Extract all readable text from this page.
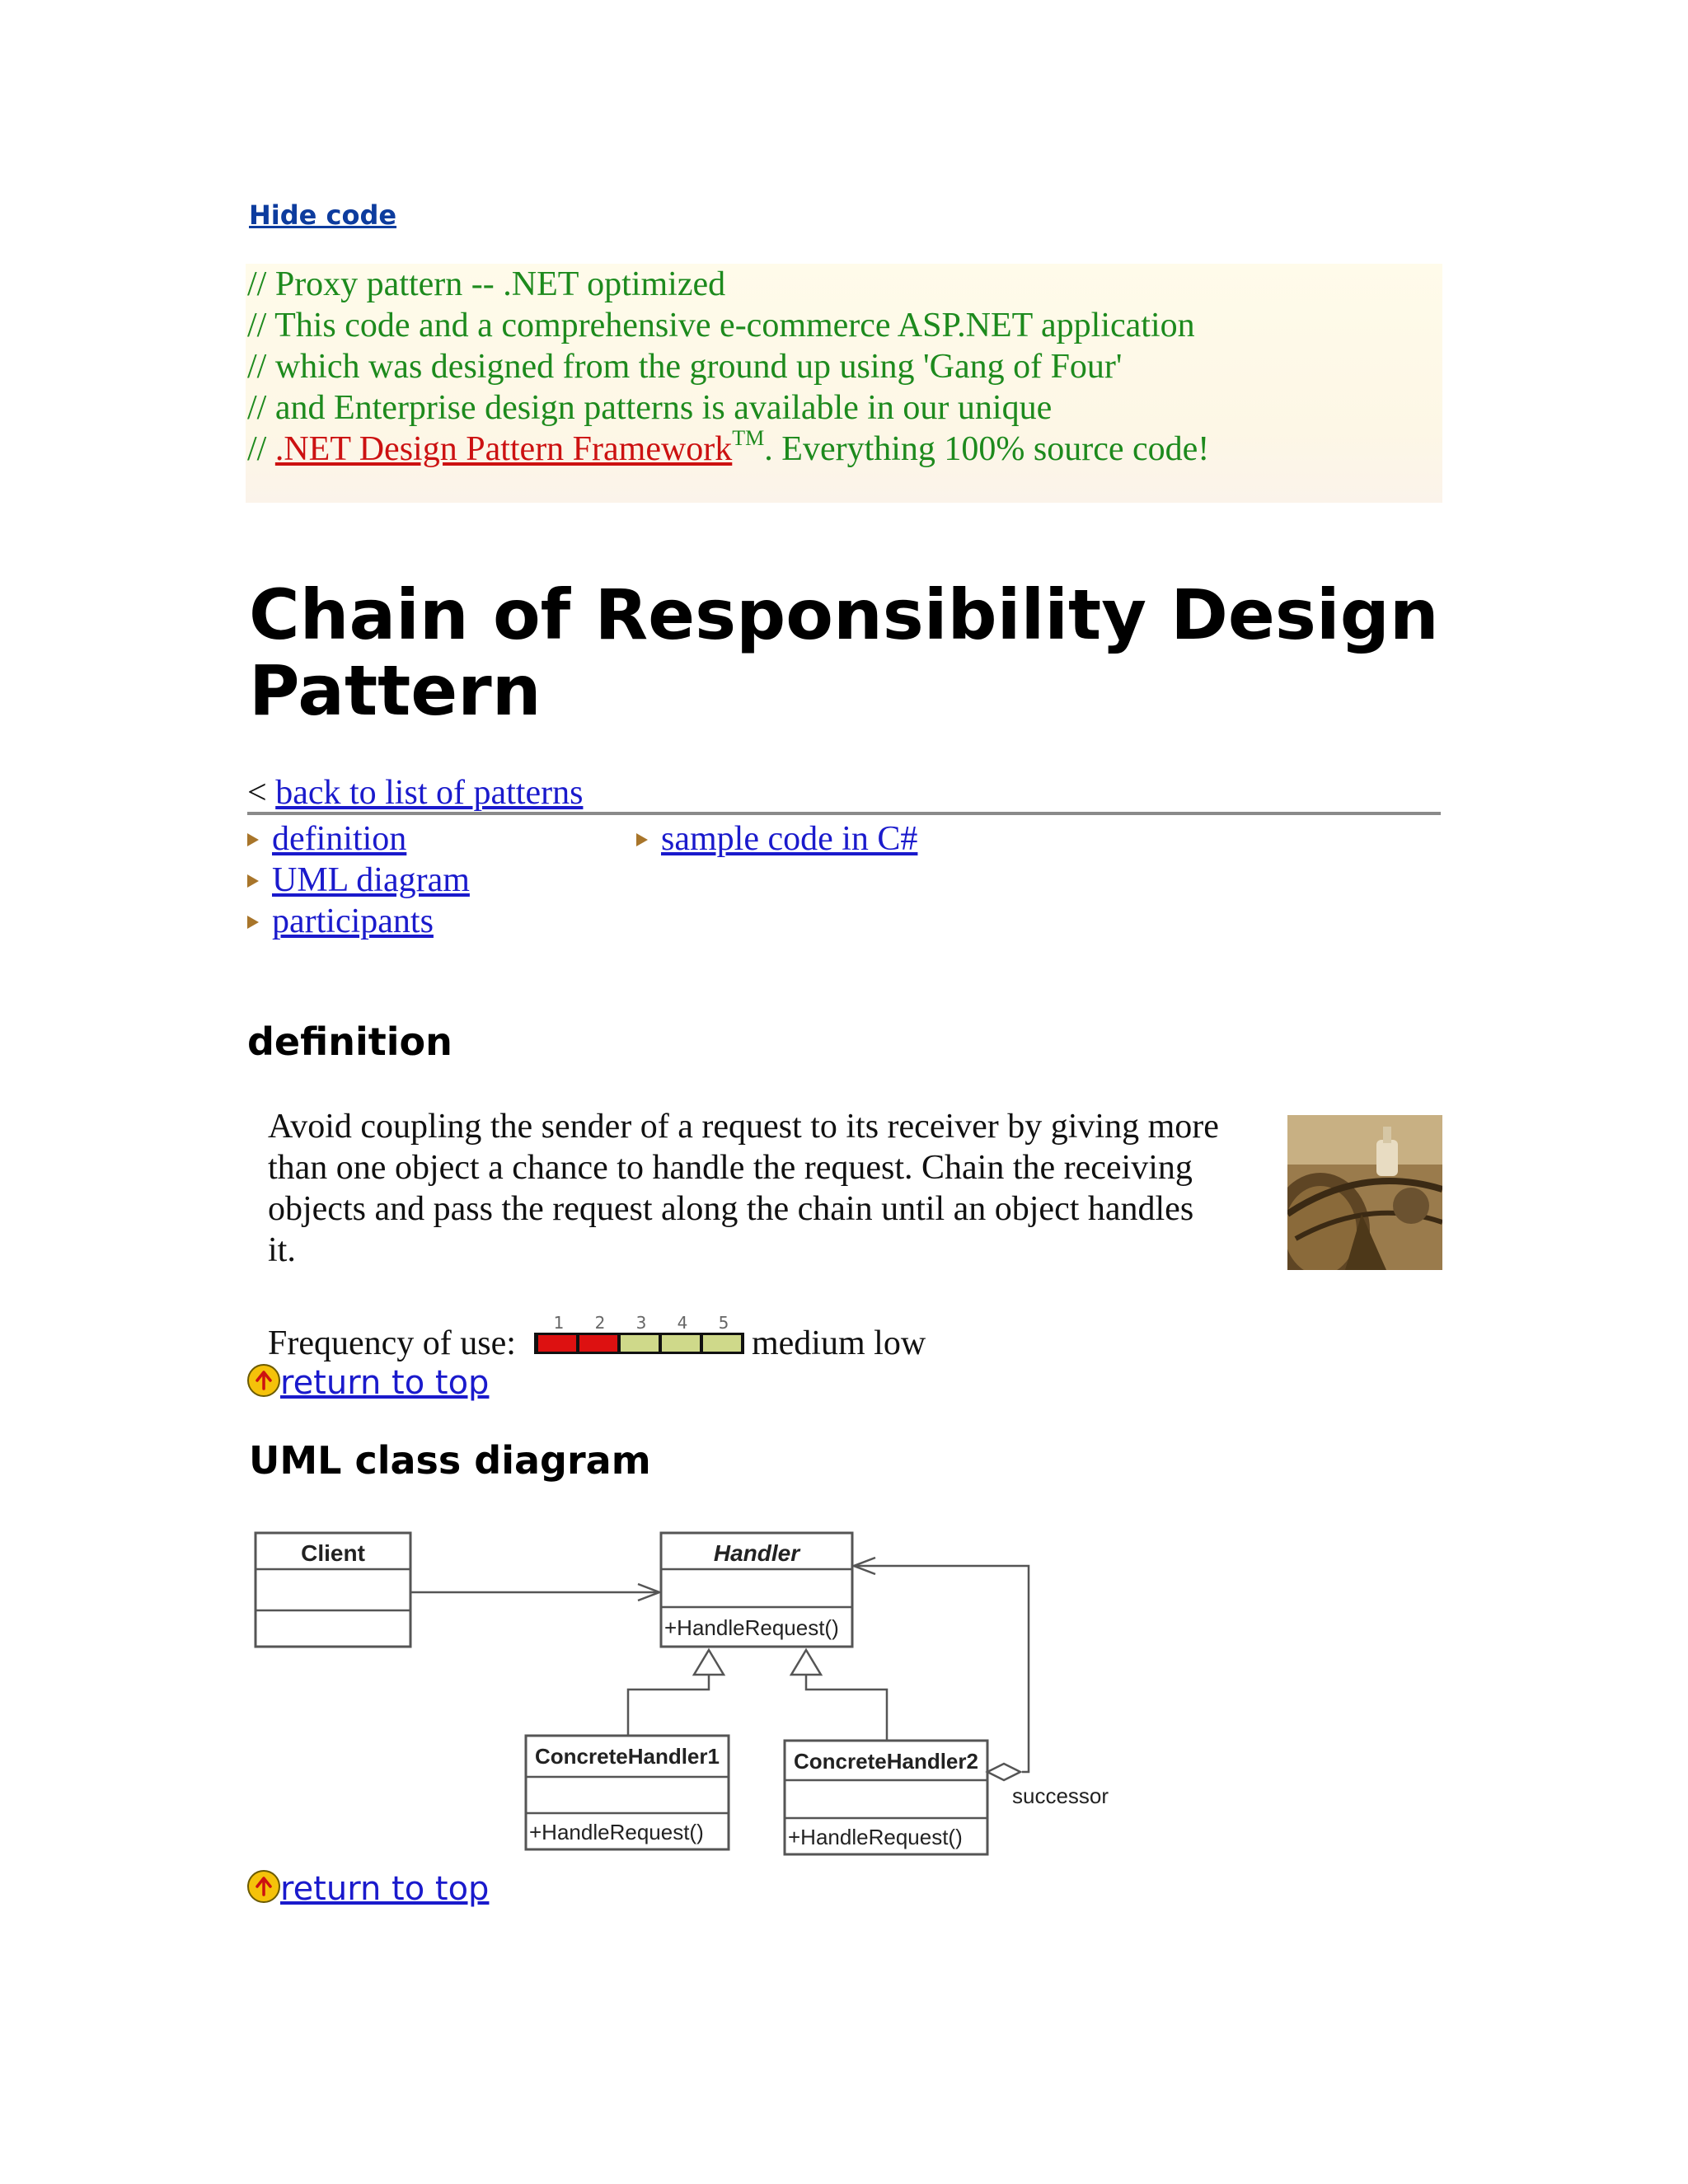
Hide code
// Proxy pattern -- .NET optimized
// This code and a comprehensive e-commerce ASP.NET application
// which was designed from the ground up using 'Gang of Four'
// and Enterprise design patterns is available in our unique
// .NET Design Pattern Framework™. Everything 100% source code!
Chain of Responsibility Design Pattern
< back to list of patterns
definition
UML diagram
participants
sample code in C#
definition
Avoid coupling the sender of a request to its receiver by giving more than one object a chance to handle the request. Chain the receiving objects and pass the request along the chain until an object handles it.
Frequency of use:
1 2 3 4 5
medium low
return to top
UML class diagram
Client	Handler
+HandleRequest()
ConcreteHandler1
+HandleRequest()
ConcreteHandler2
+HandleRequest()
successor
return to top
